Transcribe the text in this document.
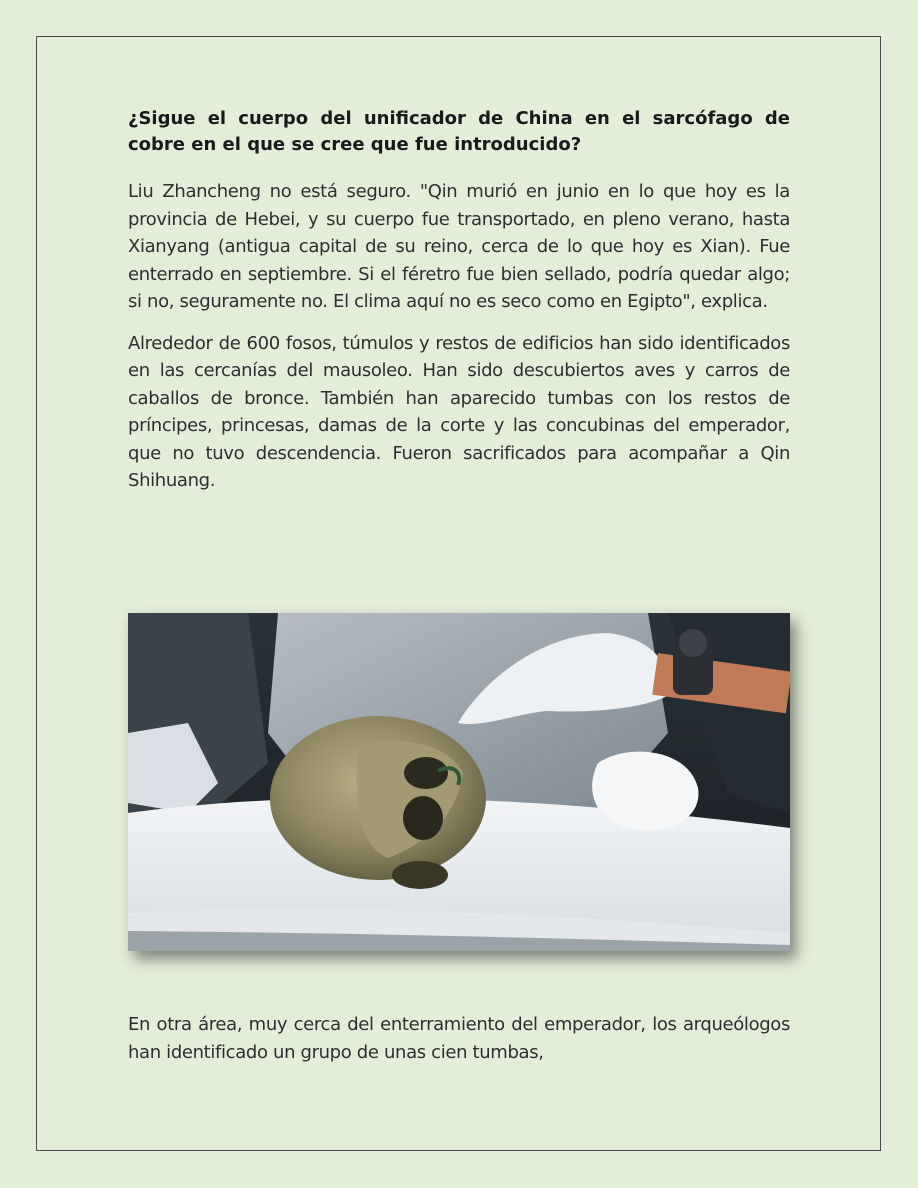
¿Sigue el cuerpo del unificador de China en el sarcófago de cobre en el que se cree que fue introducido?

Liu Zhancheng no está seguro. "Qin murió en junio en lo que hoy es la provincia de Hebei, y su cuerpo fue transportado, en pleno verano, hasta Xianyang (antigua capital de su reino, cerca de lo que hoy es Xian). Fue enterrado en septiembre. Si el féretro fue bien sellado, podría quedar algo; si no, seguramente no. El clima aquí no es seco como en Egipto", explica.

Alrededor de 600 fosos, túmulos y restos de edificios han sido identificados en las cercanías del mausoleo. Han sido descubiertos aves y carros de caballos de bronce. También han aparecido tumbas con los restos de príncipes, princesas, damas de la corte y las concubinas del emperador, que no tuvo descendencia. Fueron sacrificados para acompañar a Qin Shihuang.

En otra área, muy cerca del enterramiento del emperador, los arqueólogos han identificado un grupo de unas cien tumbas,
